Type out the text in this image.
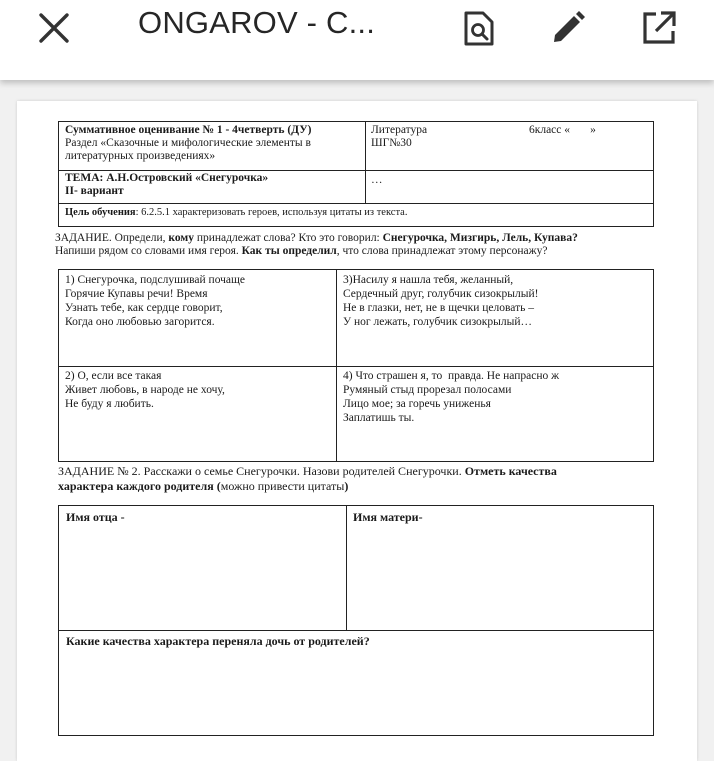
ONGAROV - С...
Суммативное оценивание № 1 - 4четверть (ДУ)
Раздел «Сказочные и мифологические элементы в
литературных произведениях»
Литература	6класс «       »
ШГ№30
ТЕМА: А.Н.Островский «Снегурочка»
II- вариант
…
Цель обучения: 6.2.5.1 характеризовать героев, используя цитаты из текста.
ЗАДАНИЕ. Определи, кому принадлежат слова? Кто это говорил: Снегурочка, Мизгирь, Лель, Купава?
Напиши рядом со словами имя героя. Как ты определил, что слова принадлежат этому персонажу?
1) Снегурочка, подслушивай почаще
Горячие Купавы речи! Время
Узнать тебе, как сердце говорит,
Когда оно любовью загорится.
3)Насилу я нашла тебя, желанный,
Сердечный друг, голубчик сизокрылый!
Не в глазки, нет, не в щечки целовать –
У ног лежать, голубчик сизокрылый…
2) О, если все такая
Живет любовь, в народе не хочу,
Не буду я любить.
4) Что страшен я, то  правда. Не напрасно ж
Румяный стыд прорезал полосами
Лицо мое; за горечь униженья
Заплатишь ты.
ЗАДАНИЕ № 2. Расскажи о семье Снегурочки. Назови родителей Снегурочки. Отметь качества
характера каждого родителя (можно привести цитаты)
Имя отца -	Имя матери-
Какие качества характера переняла дочь от родителей?
